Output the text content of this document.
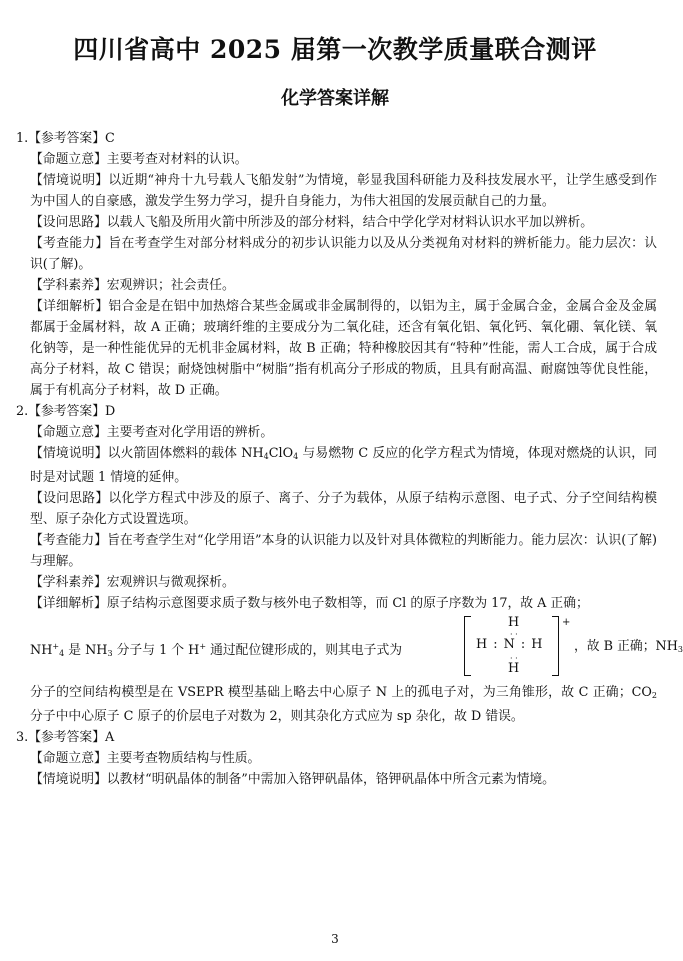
四川省高中 2025 届第一次教学质量联合测评
化学答案详解

1.【参考答案】C

【命题立意】主要考查对材料的认识。

【情境说明】以近期“神舟十九号载人飞船发射”为情境，彰显我国科研能力及科技发展水平，让学生感受到作为中国人的自豪感，激发学生努力学习，提升自身能力，为伟大祖国的发展贡献自己的力量。

【设问思路】以载人飞船及所用火箭中所涉及的部分材料，结合中学化学对材料认识水平加以辨析。

【考查能力】旨在考查学生对部分材料成分的初步认识能力以及从分类视角对材料的辨析能力。能力层次：认识(了解)。

【学科素养】宏观辨识；社会责任。

【详细解析】铝合金是在铝中加热熔合某些金属或非金属制得的，以铝为主，属于金属合金，金属合金及金属都属于金属材料，故 A 正确；玻璃纤维的主要成分为二氧化硅，还含有氧化铝、氧化钙、氧化硼、氧化镁、氧化钠等，是一种性能优异的无机非金属材料，故 B 正确；特种橡胶因其有“特种”性能，需人工合成，属于合成高分子材料，故 C 错误；耐烧蚀树脂中“树脂”指有机高分子形成的物质，且具有耐高温、耐腐蚀等优良性能，属于有机高分子材料，故 D 正确。

2.【参考答案】D

【命题立意】主要考查对化学用语的辨析。

【情境说明】以火箭固体燃料的载体 $NH_4ClO_4$ 与易燃物 C 反应的化学方程式为情境，体现对燃烧的认识，同时是对试题 1 情境的延伸。

【设问思路】以化学方程式中涉及的原子、离子、分子为载体，从原子结构示意图、电子式、分子空间结构模型、原子杂化方式设置选项。

【考查能力】旨在考查学生对“化学用语”本身的认识能力以及针对具体微粒的判断能力。能力层次：认识(了解)与理解。

【学科素养】宏观辨识与微观探析。

【详细解析】原子结构示意图要求质子数与核外电子数相等，而 Cl 的原子序数为 17，故 A 正确；

$NH^+_4$ 是 $NH_3$ 分子与 1 个 H+ 通过配位键形成的，则其电子式为
H
· ·
H : N : H
· ·
H
+
，故 B 正确；$NH_3$

分子的空间结构模型是在 VSEPR 模型基础上略去中心原子 N 上的孤电子对，为三角锥形，故 C 正确；$CO_2$ 分子中中心原子 C 原子的价层电子对数为 2，则其杂化方式应为 sp 杂化，故 D 错误。

3.【参考答案】A

【命题立意】主要考查物质结构与性质。

【情境说明】以教材“明矾晶体的制备”中需加入铬钾矾晶体，铬钾矾晶体中所含元素为情境。

3
